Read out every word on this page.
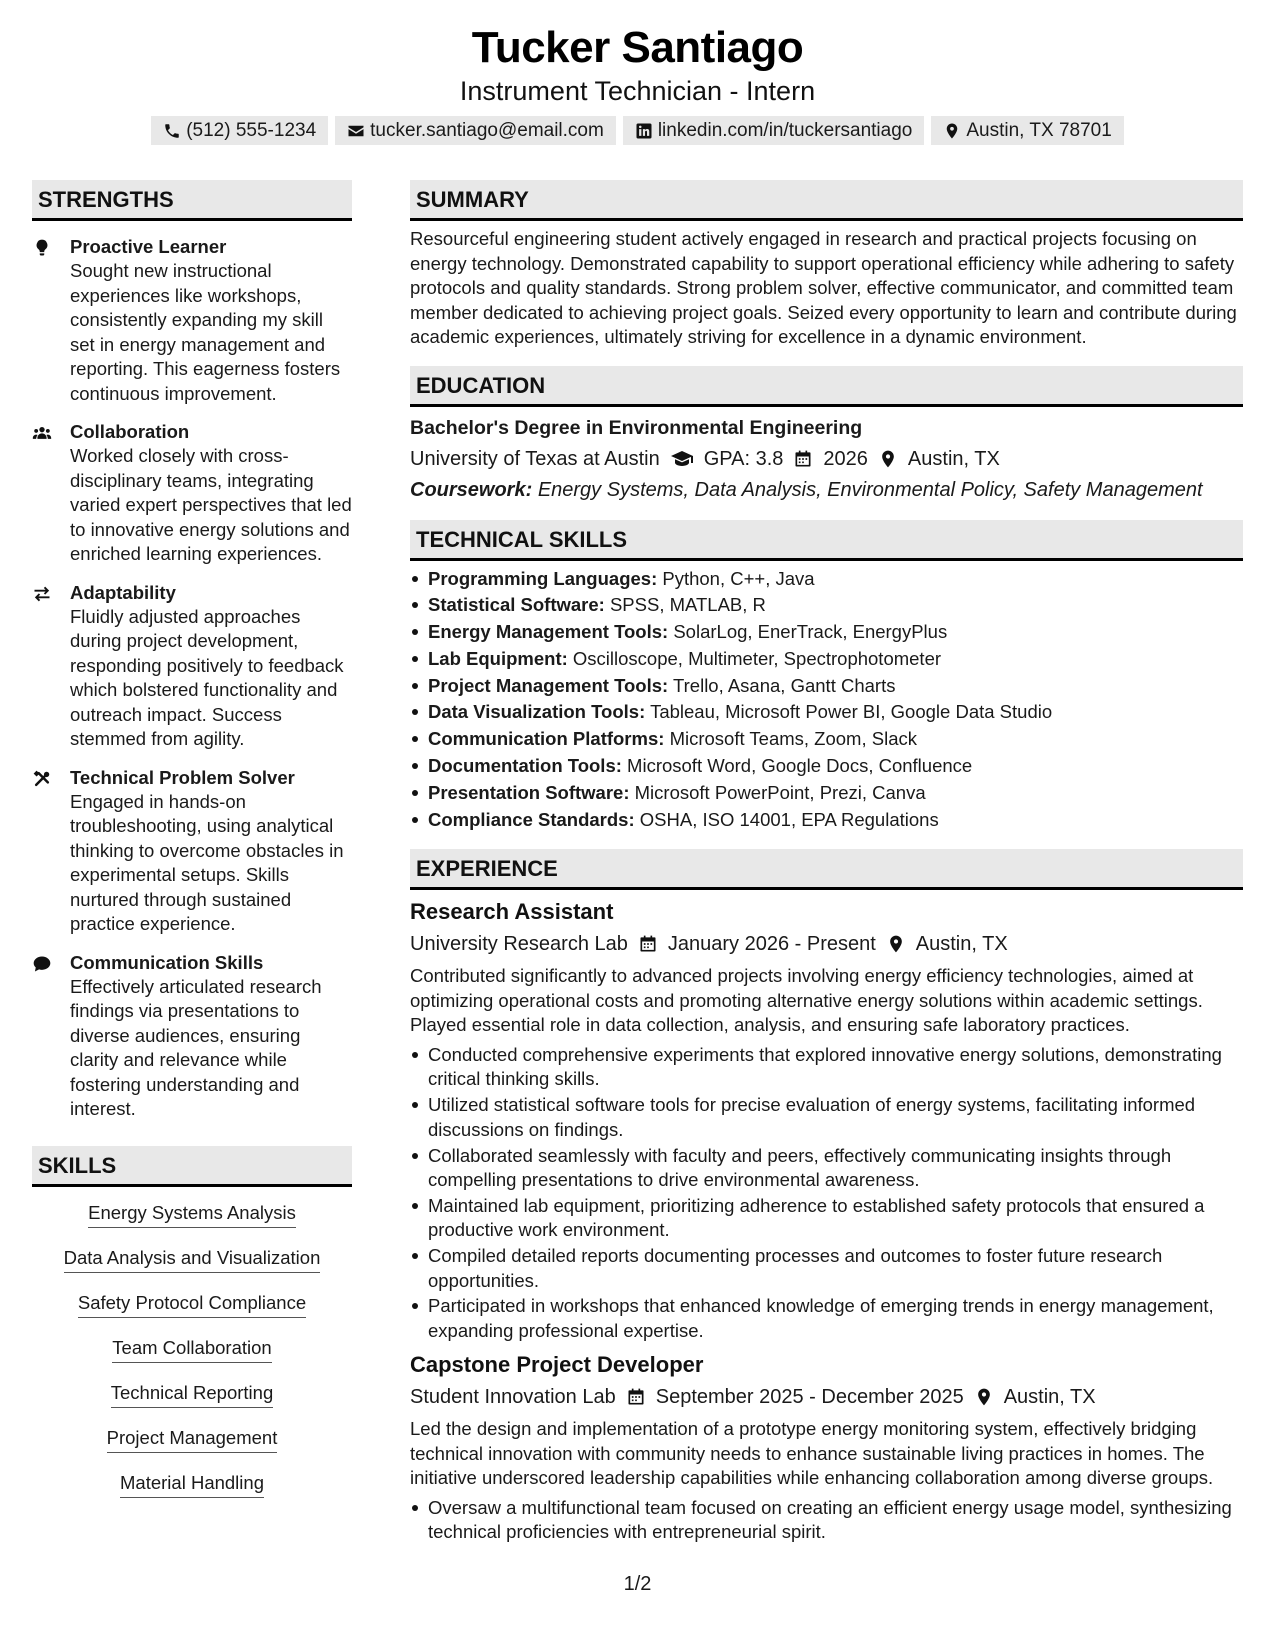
Tucker Santiago
Instrument Technician - Intern
(512) 555-1234	tucker.santiago@email.com	linkedin.com/in/tuckersantiago	Austin, TX 78701
STRENGTHS
Proactive Learner
Sought new instructional experiences like workshops, consistently expanding my skill set in energy management and reporting. This eagerness fosters continuous improvement.
Collaboration
Worked closely with cross-disciplinary teams, integrating varied expert perspectives that led to innovative energy solutions and enriched learning experiences.
Adaptability
Fluidly adjusted approaches during project development, responding positively to feedback which bolstered functionality and outreach impact. Success stemmed from agility.
Technical Problem Solver
Engaged in hands-on troubleshooting, using analytical thinking to overcome obstacles in experimental setups. Skills nurtured through sustained practice experience.
Communication Skills
Effectively articulated research findings via presentations to diverse audiences, ensuring clarity and relevance while fostering understanding and interest.
SKILLS
Energy Systems Analysis
Data Analysis and Visualization
Safety Protocol Compliance
Team Collaboration
Technical Reporting
Project Management
Material Handling
SUMMARY
Resourceful engineering student actively engaged in research and practical projects focusing on energy technology. Demonstrated capability to support operational efficiency while adhering to safety protocols and quality standards. Strong problem solver, effective communicator, and committed team member dedicated to achieving project goals. Seized every opportunity to learn and contribute during academic experiences, ultimately striving for excellence in a dynamic environment.
EDUCATION
Bachelor's Degree in Environmental Engineering
University of Texas at Austin GPA: 3.8 2026 Austin, TX
Coursework: Energy Systems, Data Analysis, Environmental Policy, Safety Management
TECHNICAL SKILLS
Programming Languages: Python, C++, Java
Statistical Software: SPSS, MATLAB, R
Energy Management Tools: SolarLog, EnerTrack, EnergyPlus
Lab Equipment: Oscilloscope, Multimeter, Spectrophotometer
Project Management Tools: Trello, Asana, Gantt Charts
Data Visualization Tools: Tableau, Microsoft Power BI, Google Data Studio
Communication Platforms: Microsoft Teams, Zoom, Slack
Documentation Tools: Microsoft Word, Google Docs, Confluence
Presentation Software: Microsoft PowerPoint, Prezi, Canva
Compliance Standards: OSHA, ISO 14001, EPA Regulations
EXPERIENCE
Research Assistant
University Research Lab January 2026 - Present Austin, TX
Contributed significantly to advanced projects involving energy efficiency technologies, aimed at optimizing operational costs and promoting alternative energy solutions within academic settings. Played essential role in data collection, analysis, and ensuring safe laboratory practices.
Conducted comprehensive experiments that explored innovative energy solutions, demonstrating critical thinking skills.
Utilized statistical software tools for precise evaluation of energy systems, facilitating informed discussions on findings.
Collaborated seamlessly with faculty and peers, effectively communicating insights through compelling presentations to drive environmental awareness.
Maintained lab equipment, prioritizing adherence to established safety protocols that ensured a productive work environment.
Compiled detailed reports documenting processes and outcomes to foster future research opportunities.
Participated in workshops that enhanced knowledge of emerging trends in energy management, expanding professional expertise.
Capstone Project Developer
Student Innovation Lab September 2025 - December 2025 Austin, TX
Led the design and implementation of a prototype energy monitoring system, effectively bridging technical innovation with community needs to enhance sustainable living practices in homes. The initiative underscored leadership capabilities while enhancing collaboration among diverse groups.
Oversaw a multifunctional team focused on creating an efficient energy usage model, synthesizing technical proficiencies with entrepreneurial spirit.
1/2
